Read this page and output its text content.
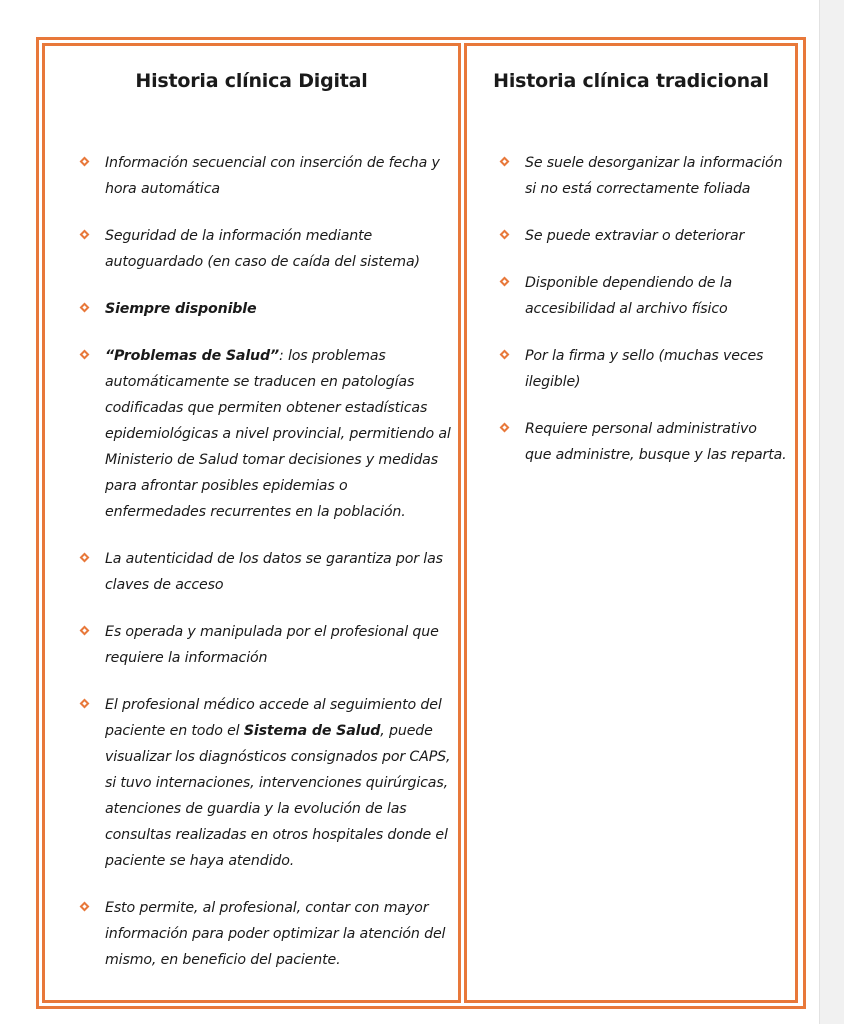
Historia clínica Digital
Información secuencial con inserción de fecha y hora automática
Seguridad de la información mediante autoguardado (en caso de caída del sistema)
Siempre disponible
“Problemas de Salud”: los problemas automáticamente se traducen en patologías codificadas que permiten obtener estadísticas epidemiológicas a nivel provincial, permitiendo al Ministerio de Salud tomar decisiones y medidas para afrontar posibles epidemias o enfermedades recurrentes en la población.
La autenticidad de los datos se garantiza por las claves de acceso
Es operada y manipulada por el profesional que requiere la información
El profesional médico accede al seguimiento del paciente en todo el Sistema de Salud, puede visualizar los diagnósticos consignados por CAPS, si tuvo internaciones, intervenciones quirúrgicas, atenciones de guardia y la evolución de las consultas realizadas en otros hospitales donde el paciente se haya atendido.
Esto permite, al profesional, contar con mayor información para poder optimizar la atención del mismo, en beneficio del paciente.
Historia clínica tradicional
Se suele desorganizar la información si no está correctamente foliada
Se puede extraviar o deteriorar
Disponible dependiendo de la accesibilidad al archivo físico
Por la firma y sello (muchas veces ilegible)
Requiere personal administrativo que administre, busque y las reparta.
